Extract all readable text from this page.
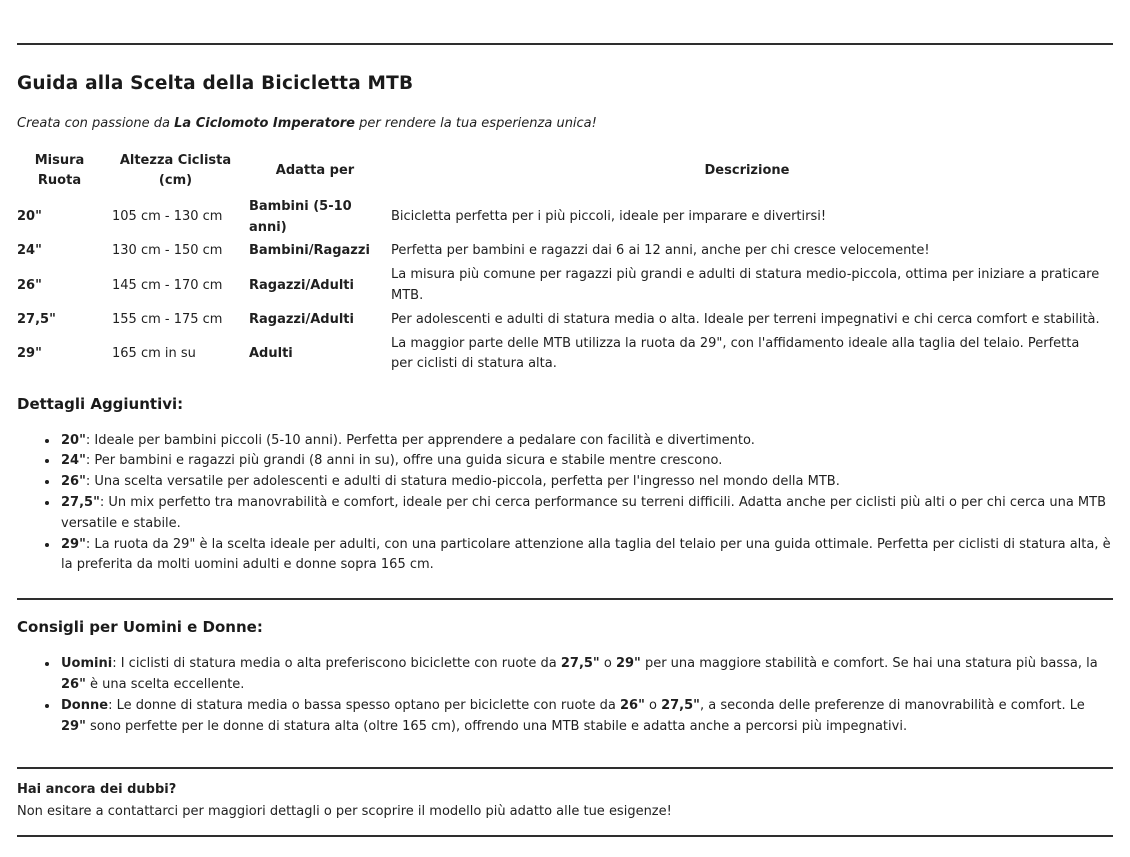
Guida alla Scelta della Bicicletta MTB

Creata con passione da La Ciclomoto Imperatore per rendere la tua esperienza unica!

Misura Ruota	Altezza Ciclista (cm)	Adatta per	Descrizione
20"	105 cm - 130 cm	Bambini (5-10 anni)	Bicicletta perfetta per i più piccoli, ideale per imparare e divertirsi!
24"	130 cm - 150 cm	Bambini/Ragazzi	Perfetta per bambini e ragazzi dai 6 ai 12 anni, anche per chi cresce velocemente!
26"	145 cm - 170 cm	Ragazzi/Adulti	La misura più comune per ragazzi più grandi e adulti di statura medio-piccola, ottima per iniziare a praticare MTB.
27,5"	155 cm - 175 cm	Ragazzi/Adulti	Per adolescenti e adulti di statura media o alta. Ideale per terreni impegnativi e chi cerca comfort e stabilità.
29"	165 cm in su	Adulti	La maggior parte delle MTB utilizza la ruota da 29", con l'affidamento ideale alla taglia del telaio. Perfetta per ciclisti di statura alta.
Dettagli Aggiuntivi:
• 20": Ideale per bambini piccoli (5-10 anni). Perfetta per apprendere a pedalare con facilità e divertimento.
• 24": Per bambini e ragazzi più grandi (8 anni in su), offre una guida sicura e stabile mentre crescono.
• 26": Una scelta versatile per adolescenti e adulti di statura medio-piccola, perfetta per l'ingresso nel mondo della MTB.
• 27,5": Un mix perfetto tra manovrabilità e comfort, ideale per chi cerca performance su terreni difficili. Adatta anche per ciclisti più alti o per chi cerca una MTB versatile e stabile.
• 29": La ruota da 29" è la scelta ideale per adulti, con una particolare attenzione alla taglia del telaio per una guida ottimale. Perfetta per ciclisti di statura alta, è la preferita da molti uomini adulti e donne sopra 165 cm.
Consigli per Uomini e Donne:
• Uomini: I ciclisti di statura media o alta preferiscono biciclette con ruote da 27,5" o 29" per una maggiore stabilità e comfort. Se hai una statura più bassa, la 26" è una scelta eccellente.
• Donne: Le donne di statura media o bassa spesso optano per biciclette con ruote da 26" o 27,5", a seconda delle preferenze di manovrabilità e comfort. Le 29" sono perfette per le donne di statura alta (oltre 165 cm), offrendo una MTB stabile e adatta anche a percorsi più impegnativi.

Hai ancora dei dubbi?

Non esitare a contattarci per maggiori dettagli o per scoprire il modello più adatto alle tue esigenze!
